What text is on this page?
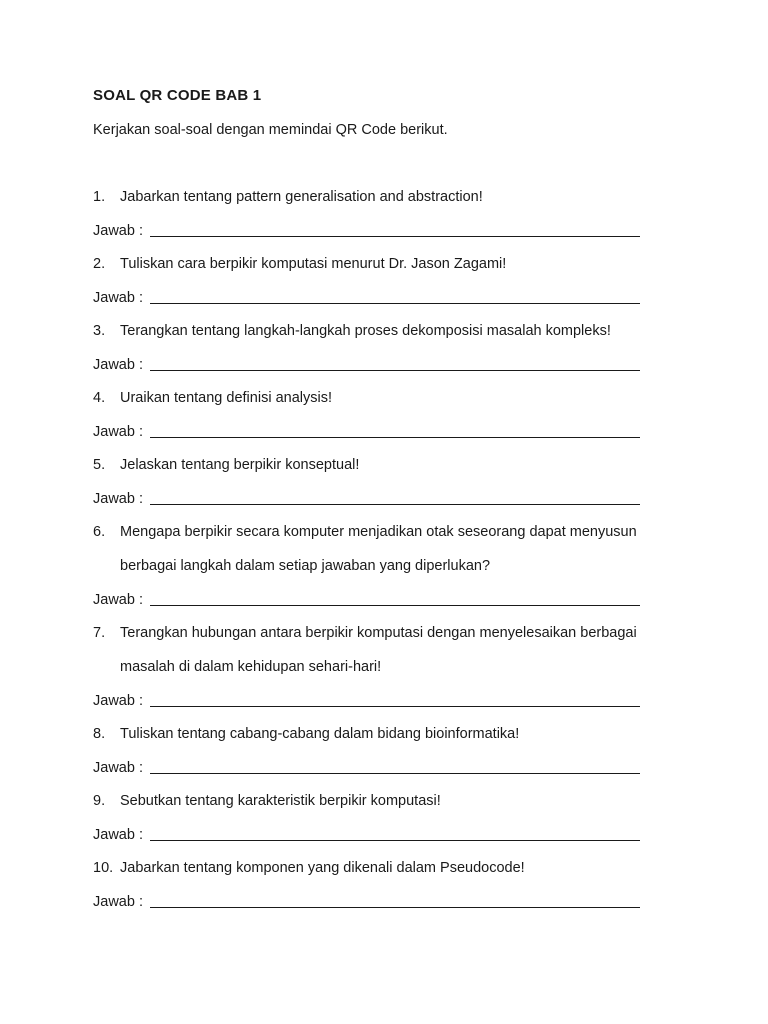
SOAL QR CODE BAB 1
Kerjakan soal-soal dengan memindai QR Code berikut.
1. Jabarkan tentang pattern generalisation and abstraction!
Jawab :
2. Tuliskan cara berpikir komputasi menurut Dr. Jason Zagami!
Jawab :
3. Terangkan tentang langkah-langkah proses dekomposisi masalah kompleks!
Jawab :
4. Uraikan tentang definisi analysis!
Jawab :
5. Jelaskan tentang berpikir konseptual!
Jawab :
6. Mengapa berpikir secara komputer menjadikan otak seseorang dapat menyusun
berbagai langkah dalam setiap jawaban yang diperlukan?
Jawab :
7. Terangkan hubungan antara berpikir komputasi dengan menyelesaikan berbagai
masalah di dalam kehidupan sehari-hari!
Jawab :
8. Tuliskan tentang cabang-cabang dalam bidang bioinformatika!
Jawab :
9. Sebutkan tentang karakteristik berpikir komputasi!
Jawab :
10. Jabarkan tentang komponen yang dikenali dalam Pseudocode!
Jawab :
